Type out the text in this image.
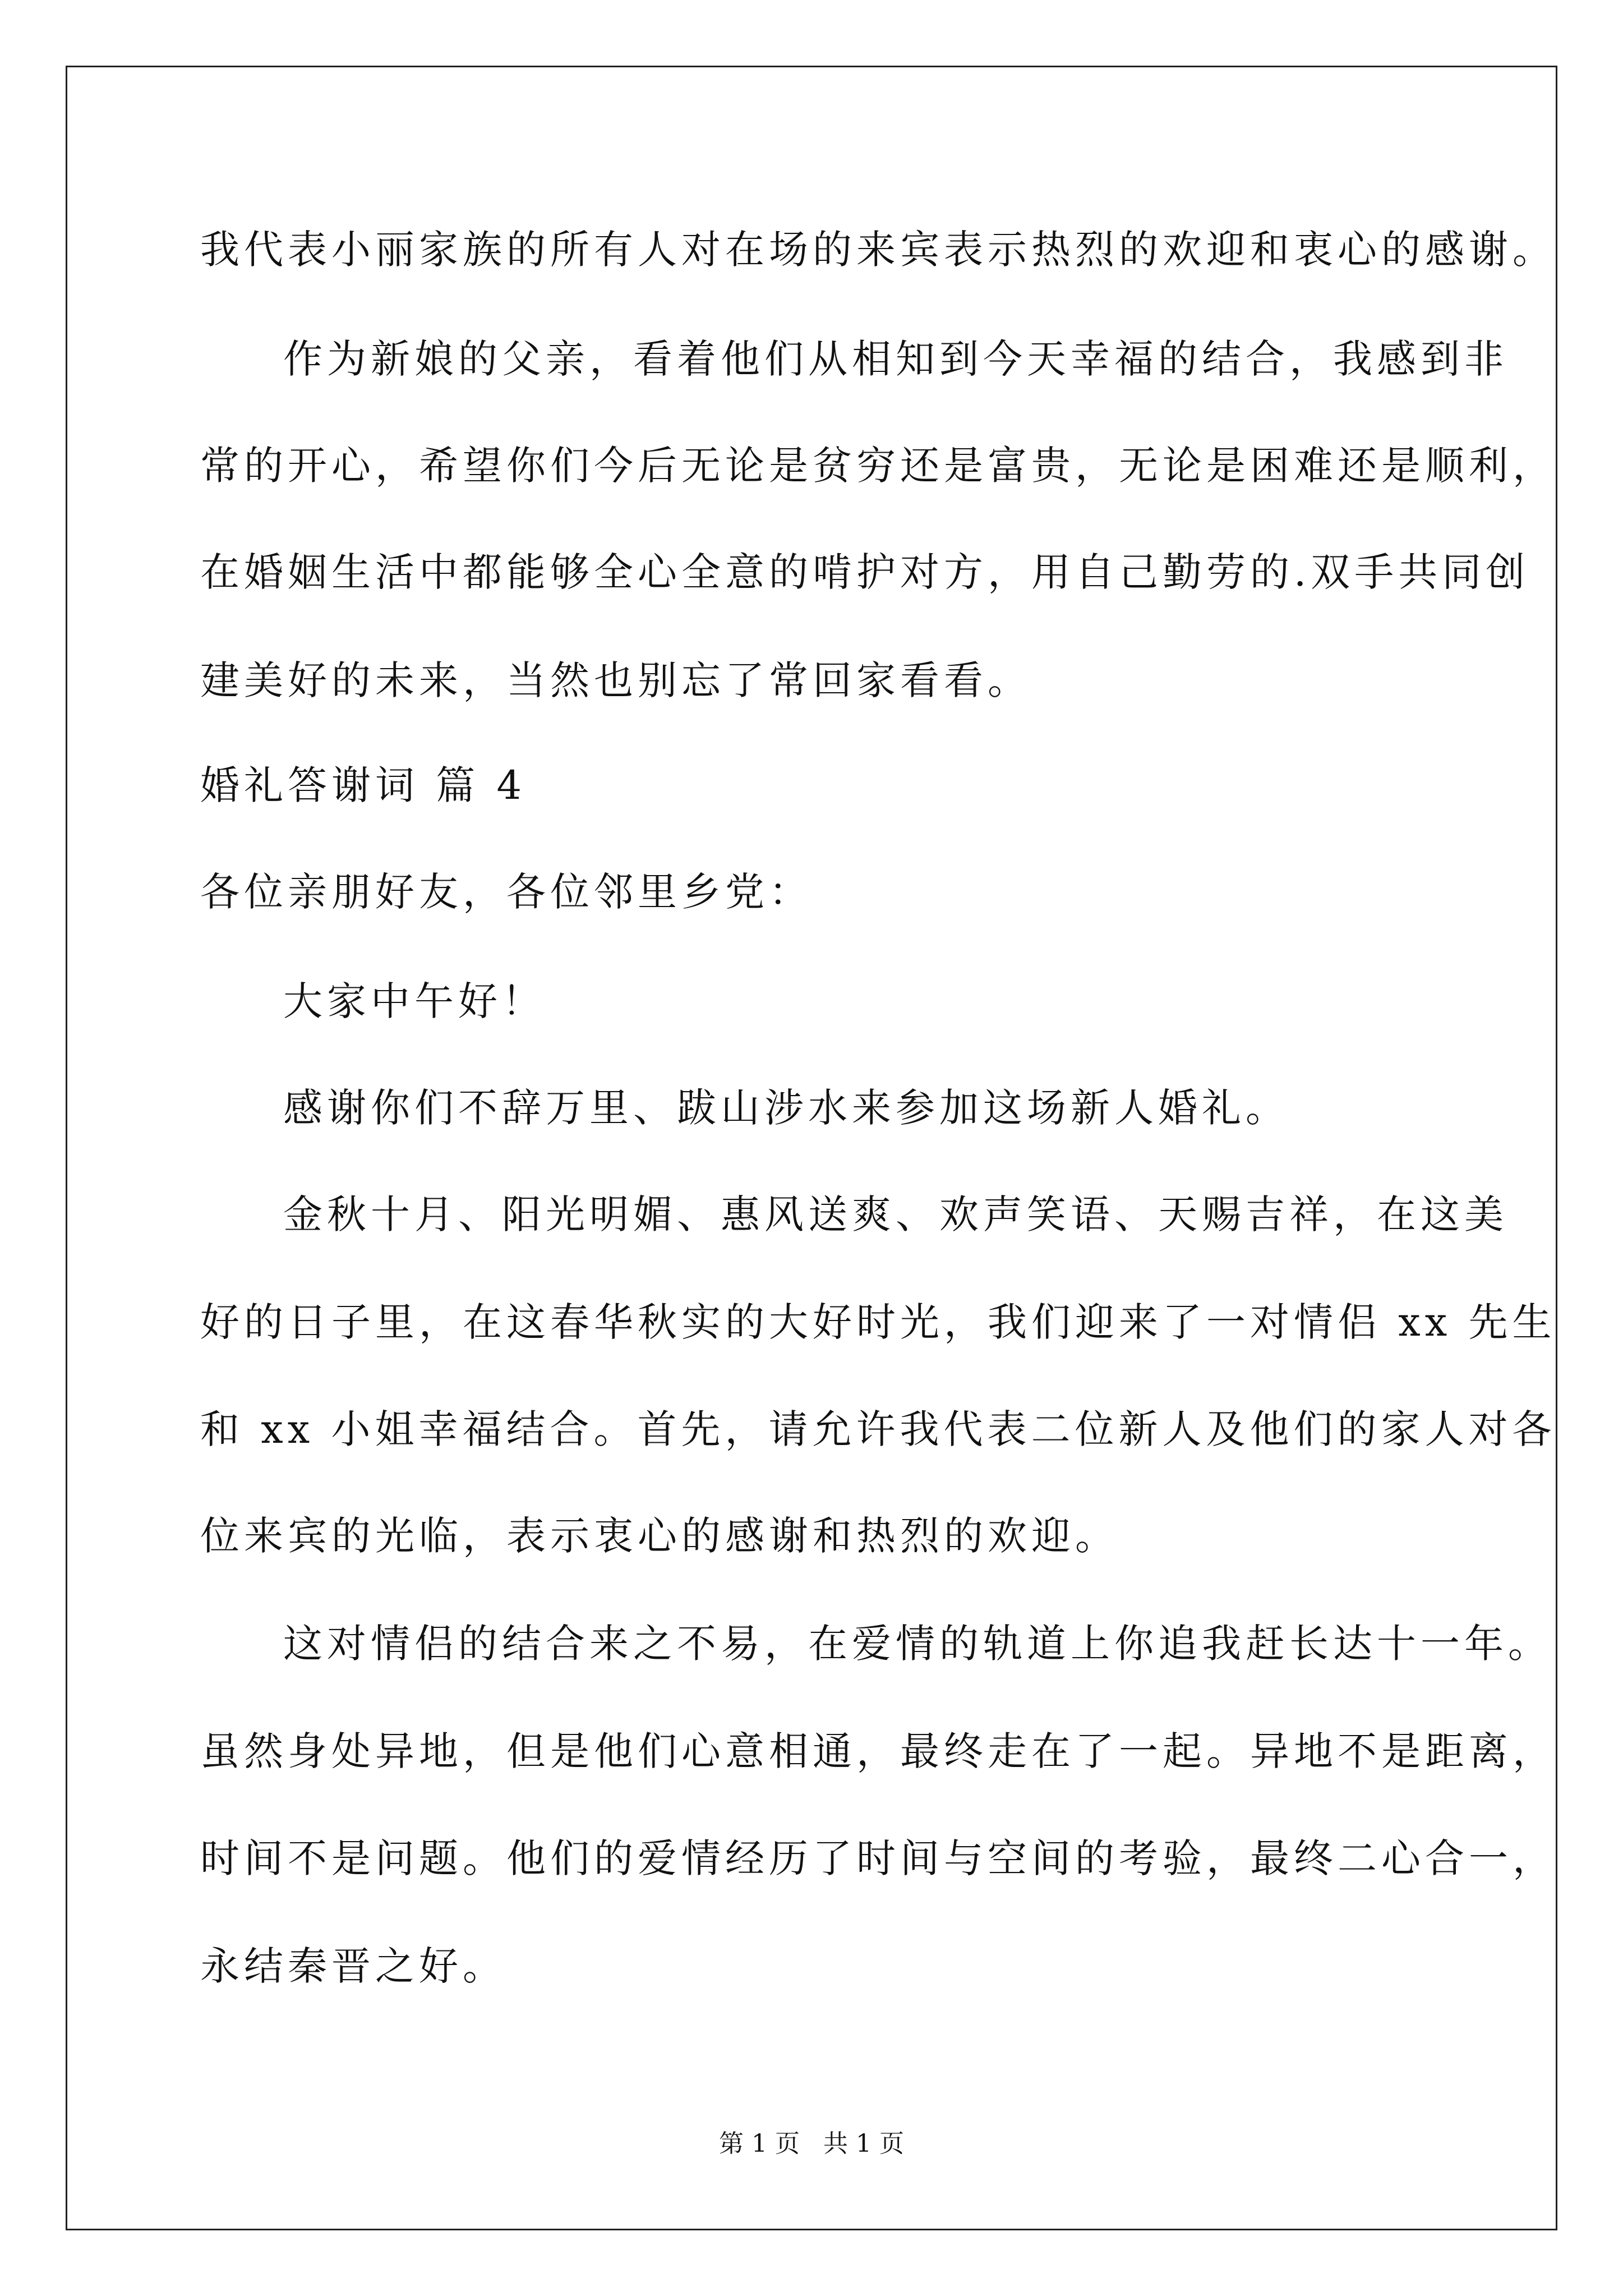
我代表小丽家族的所有人对在场的来宾表示热烈的欢迎和衷心的感谢。
作为新娘的父亲，看着他们从相知到今天幸福的结合，我感到非
常的开心，希望你们今后无论是贫穷还是富贵，无论是困难还是顺利，
在婚姻生活中都能够全心全意的啃护对方，用自己勤劳的.双手共同创
建美好的未来，当然也别忘了常回家看看。
婚礼答谢词 篇 4
各位亲朋好友，各位邻里乡党：
大家中午好！
感谢你们不辞万里、跋山涉水来参加这场新人婚礼。
金秋十月、阳光明媚、惠风送爽、欢声笑语、天赐吉祥，在这美
好的日子里，在这春华秋实的大好时光，我们迎来了一对情侣 xx 先生
和 xx 小姐幸福结合。首先，请允许我代表二位新人及他们的家人对各
位来宾的光临，表示衷心的感谢和热烈的欢迎。
这对情侣的结合来之不易，在爱情的轨道上你追我赶长达十一年。
虽然身处异地，但是他们心意相通，最终走在了一起。异地不是距离，
时间不是问题。他们的爱情经历了时间与空间的考验，最终二心合一，
永结秦晋之好。
第 1 页   共 1 页
